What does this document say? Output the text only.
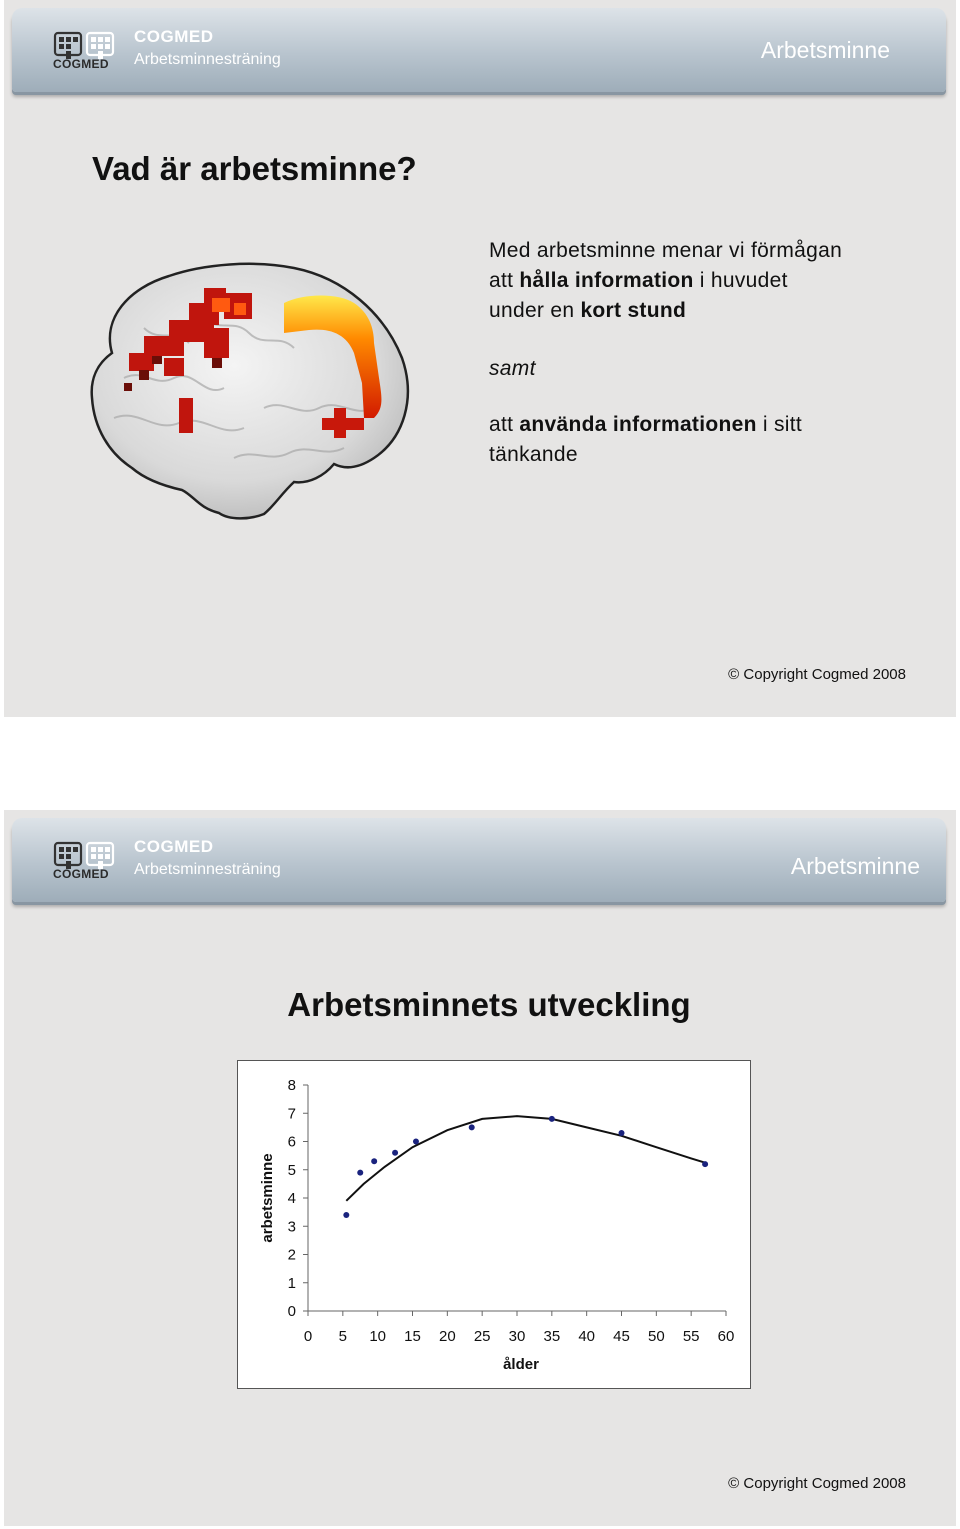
COGMED
COGMED
Arbetsminnesträning	Arbetsminne
Vad är arbetsminne?

Med arbetsminne menar vi förmågan

att hålla information i huvudet

under en kort stund

samt

att använda informationen i sitt

tänkande

© Copyright Cogmed 2008
COGMED
COGMED
Arbetsminnesträning	Arbetsminne
Arbetsminnets utveckling
0
1
2
3
4
5
6
7
8
0 5 10 15 20 25 30 35 40 45 50 55 60
ålder
arbetsminne
© Copyright Cogmed 2008
